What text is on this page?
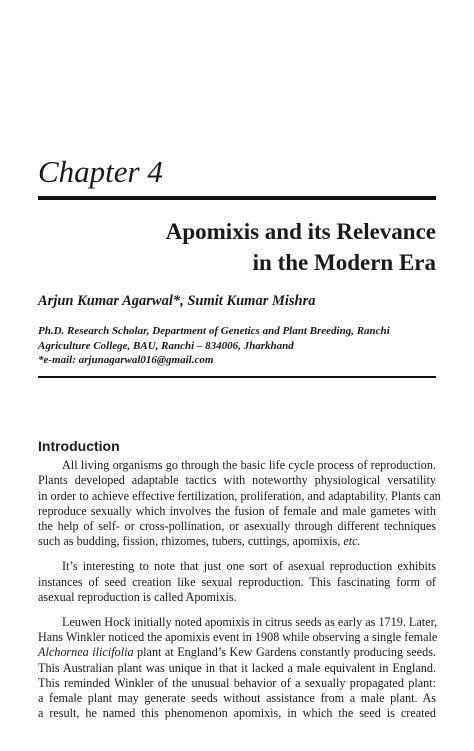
Chapter 4
Apomixis and its Relevance
in the Modern Era
Arjun Kumar Agarwal*, Sumit Kumar Mishra
Ph.D. Research Scholar, Department of Genetics and Plant Breeding, Ranchi
Agriculture College, BAU, Ranchi – 834006, Jharkhand
*e-mail: arjunagarwal016@gmail.com
Introduction
All living organisms go through the basic life cycle process of reproduction.
Plants developed adaptable tactics with noteworthy physiological versatility
in order to achieve effective fertilization, proliferation, and adaptability. Plants can
reproduce sexually which involves the fusion of female and male gametes with
the help of self- or cross-pollination, or asexually through different techniques
such as budding, fission, rhizomes, tubers, cuttings, apomixis, etc.
It’s interesting to note that just one sort of asexual reproduction exhibits
instances of seed creation like sexual reproduction. This fascinating form of
asexual reproduction is called Apomixis.
Leuwen Hock initially noted apomixis in citrus seeds as early as 1719. Later,
Hans Winkler noticed the apomixis event in 1908 while observing a single female
Alchornea ilicifolia plant at England’s Kew Gardens constantly producing seeds.
This Australian plant was unique in that it lacked a male equivalent in England.
This reminded Winkler of the unusual behavior of a sexually propagated plant:
a female plant may generate seeds without assistance from a male plant. As
a result, he named this phenomenon apomixis, in which the seed is created
